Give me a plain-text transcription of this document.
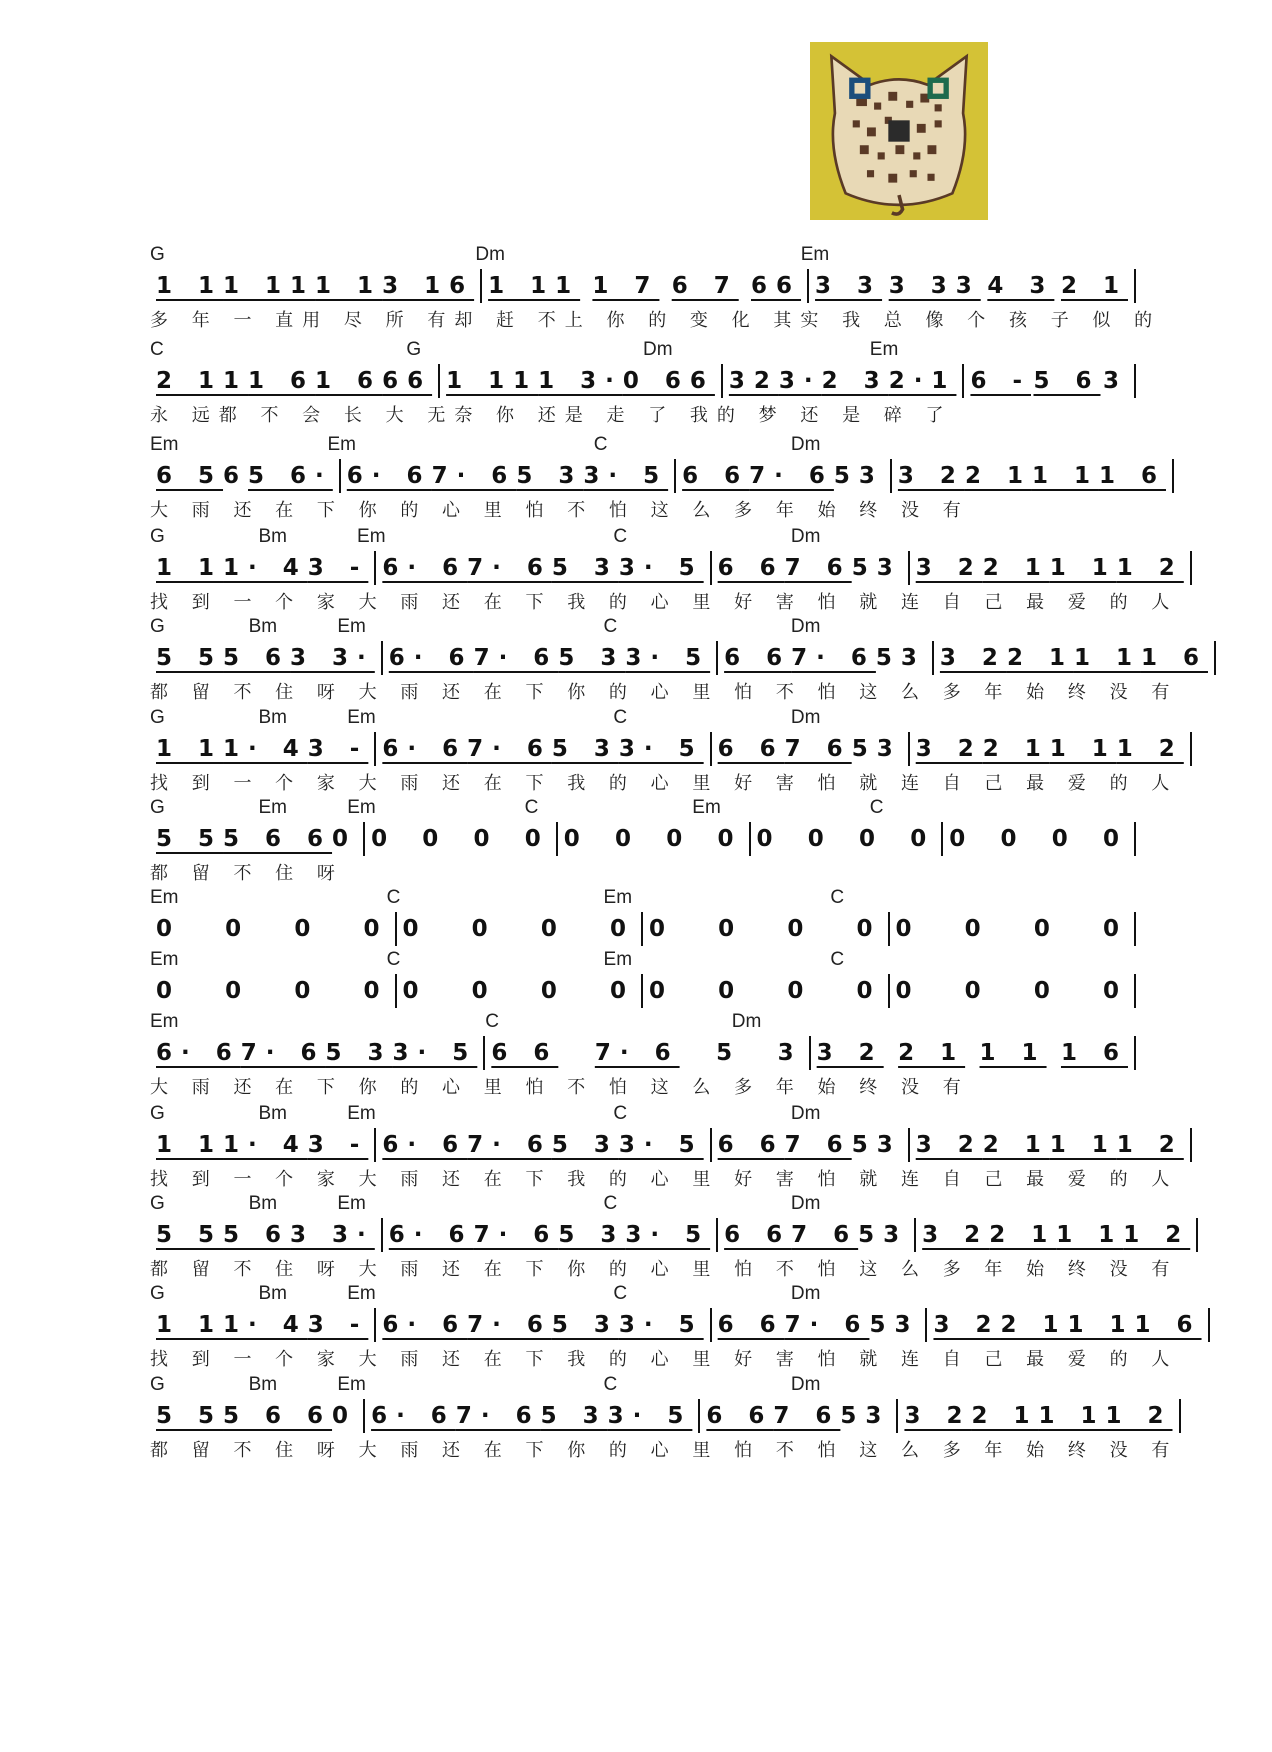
G	Dm	Em
1 1 1 11 1 1 3 16 1 11 1 7 6 7 66 3 3 3 33 4 3 2 1
多 年 一 直用 尽 所 有却 赶 不上 你 的 变 化 其实 我 总 像 个 孩 子 似 的
C	G	Dm	Em
2 11 1 6 1 6 66 1 11 1 3· 0 66 32 3· 2 3 2·1 6 - 5 6 3
永 远都 不 会 长 大 无奈 你 还是 走 了 我的 梦 还 是 碎 了
Em	Em	C	Dm
6 5 6 5 6· 6· 6 7· 6 5 3 3· 5 6 6 7· 6 5 3 3 2 2 1 1 1 1 6
大 雨 还 在 下 你 的 心 里 怕 不 怕 这 么 多 年 始 终 没 有
G	Bm	Em	C	Dm
1 1 1· 4 3 - 6· 6 7· 6 5 3 3· 5 6 6 7 6 5 3 3 2 2 1 1 1 1 2
找 到 一 个 家 大 雨 还 在 下 我 的 心 里 好 害 怕 就 连 自 己 最 爱 的 人
G	Bm	Em	C	Dm
5 5 5 6 3 3· 6· 6 7· 6 5 3 3· 5 6 6 7· 6 5 3 3 2 2 1 1 1 1 6
都 留 不 住 呀 大 雨 还 在 下 你 的 心 里 怕 不 怕 这 么 多 年 始 终 没 有
G	Bm	Em	C	Dm
1 1 1· 4 3 - 6· 6 7· 6 5 3 3· 5 6 6 7 6 5 3 3 2 2 1 1 1 1 2
找 到 一 个 家 大 雨 还 在 下 我 的 心 里 好 害 怕 就 连 自 己 最 爱 的 人
G	Em	Em	C	Em	C
5 5 5 6 6 0 0 0 0 0 0 0 0 0 0 0 0 0 0 0 0 0
都 留 不 住 呀
Em	C	Em	C
0 0 0 0 0 0 0 0 0 0 0 0 0 0 0 0
Em	C	Em	C
0 0 0 0 0 0 0 0 0 0 0 0 0 0 0 0
Em	C	Dm
6· 6 7· 6 5 3 3· 5 6 6 7· 6 5 3 3 2 2 1 1 1 1 6
大 雨 还 在 下 你 的 心 里 怕 不 怕 这 么 多 年 始 终 没 有
G	Bm	Em	C	Dm
1 1 1· 4 3 - 6· 6 7· 6 5 3 3· 5 6 6 7 6 5 3 3 2 2 1 1 1 1 2
找 到 一 个 家 大 雨 还 在 下 我 的 心 里 好 害 怕 就 连 自 己 最 爱 的 人
G	Bm	Em	C	Dm
5 5 5 6 3 3· 6· 6 7· 6 5 3 3· 5 6 6 7 6 5 3 3 2 2 1 1 1 1 2
都 留 不 住 呀 大 雨 还 在 下 你 的 心 里 怕 不 怕 这 么 多 年 始 终 没 有
G	Bm	Em	C	Dm
1 1 1· 4 3 - 6· 6 7· 6 5 3 3· 5 6 6 7· 6 5 3 3 2 2 1 1 1 1 6
找 到 一 个 家 大 雨 还 在 下 我 的 心 里 好 害 怕 就 连 自 己 最 爱 的 人
G	Bm	Em	C	Dm
5 5 5 6 6 0 6· 6 7· 6 5 3 3· 5 6 6 7 6 5 3 3 2 2 1 1 1 1 2
都 留 不 住 呀 大 雨 还 在 下 你 的 心 里 怕 不 怕 这 么 多 年 始 终 没 有
